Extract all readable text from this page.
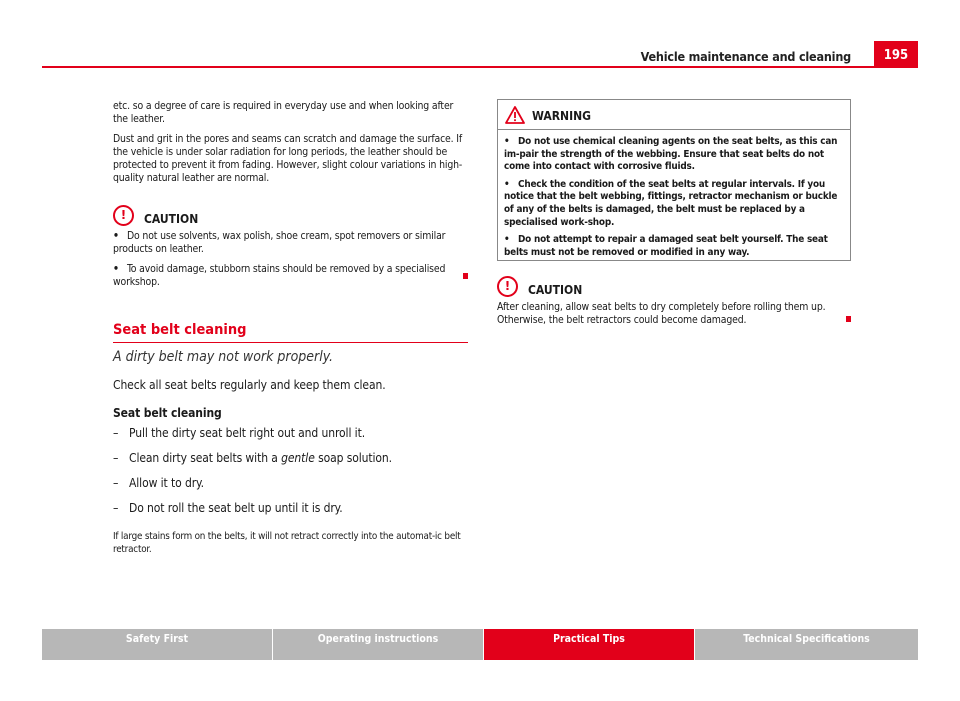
Vehicle maintenance and cleaning	195

etc. so a degree of care is required in everyday use and when looking after the leather.

Dust and grit in the pores and seams can scratch and damage the surface. If the vehicle is under solar radiation for long periods, the leather should be protected to prevent it from fading. However, slight colour variations in high-quality natural leather are normal.

!	CAUTION
• Do not use solvents, wax polish, shoe cream, spot removers or similar products on leather.
• To avoid damage, stubborn stains should be removed by a specialised workshop.
Seat belt cleaning
A dirty belt may not work properly.
Check all seat belts regularly and keep them clean.
Seat belt cleaning
– Pull the dirty seat belt right out and unroll it.
– Clean dirty seat belts with a gentle soap solution.
– Allow it to dry.
– Do not roll the seat belt up until it is dry.
If large stains form on the belts, it will not retract correctly into the automat-ic belt retractor.
WARNING
• Do not use chemical cleaning agents on the seat belts, as this can im-pair the strength of the webbing. Ensure that seat belts do not come into contact with corrosive fluids.
• Check the condition of the seat belts at regular intervals. If you notice that the belt webbing, fittings, retractor mechanism or buckle of any of the belts is damaged, the belt must be replaced by a specialised work-shop.
• Do not attempt to repair a damaged seat belt yourself. The seat belts must not be removed or modified in any way.
!	CAUTION

After cleaning, allow seat belts to dry completely before rolling them up. Otherwise, the belt retractors could become damaged.

Safety First	Operating instructions	Practical Tips	Technical Specifications
